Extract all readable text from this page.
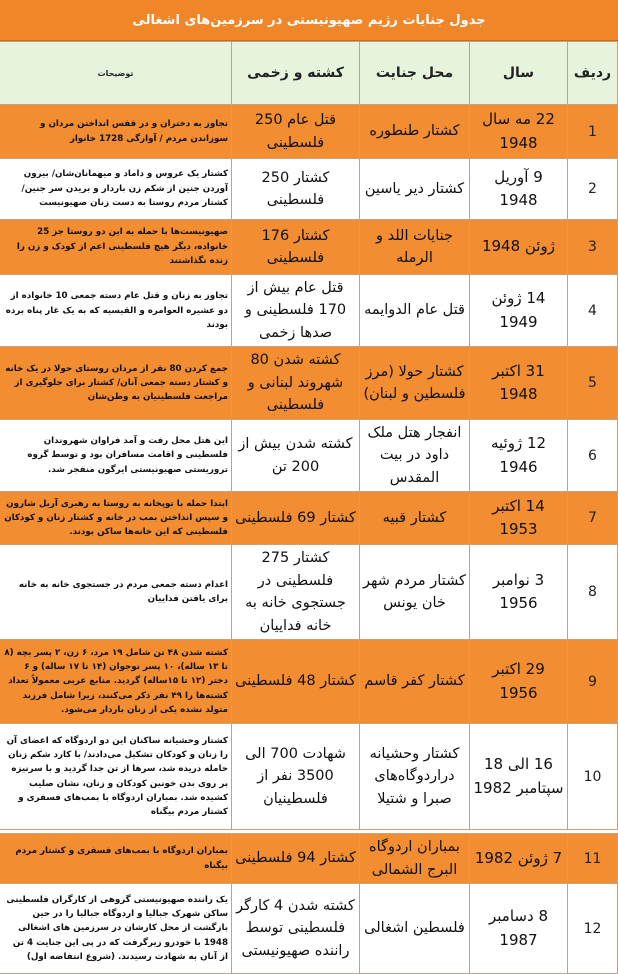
جدول جنایات رژیم صهیونیستی در سرزمین‌های اشغالی
ردیف	سال	محل جنایت	کشته و زخمی	توضیحات
1	22 مه سال 1948	کشتار طنطوره	قتل عام 250 فلسطینی	تجاوز به دختران و در قفس انداختن مردان و سوزاندن مردم / آوارگی 1728 خانوار
2	9 آوریل 1948	کشتار دیر یاسین	کشتار 250 فلسطینی	کشتار یک عروس و داماد و میهمانان‌شان/ بیرون آوردن جنین از شکم زن باردار و بریدن سر جنین/ کشتار مردم روستا به دست زنان صهیونیست
3	ژوئن 1948	جنایات اللد و الرمله	کشتار 176 فلسطینی	صهیونیست‌ها با حمله به این دو روستا جز 25 خانواده، دیگر هیچ فلسطینی اعم از کودک و زن را زنده نگذاشتند
4	14 ژوئن 1949	قتل عام الدوایمه	قتل عام بیش از 170 فلسطینی و صدها زخمی	تجاوز به زنان و قتل عام دسته جمعی 10 خانواده از دو عشیره العوامره و القیسیه که به یک غار پناه برده بودند
5	31 اکتبر 1948	کشتار حولا (مرز فلسطین و لبنان)	کشته شدن 80 شهروند لبنانی و فلسطینی	جمع کردن 80 نفر از مردان روستای حولا در یک خانه و کشتار دسته جمعی آنان/ کشتار برای جلوگیری از مراجعت فلسطینیان به وطن‌شان
6	12 ژوئیه 1946	انفجار هتل ملک داود در بیت المقدس	کشته شدن بیش از 200 تن	این هتل محل رفت و آمد فراوان شهروندان فلسطینی و اقامت مسافران بود و توسط گروه تروریستی صهیونیستی ایرگون منفجر شد.
7	14 اکتبر 1953	کشتار قبیه	کشتار 69 فلسطینی	ابتدا حمله با توپخانه به روستا به رهبری آریل شارون و سپس انداختن بمب در خانه و کشتار زنان و کودکان فلسطینی که این خانه‌ها ساکن بودند.
8	3 نوامبر 1956	کشتار مردم شهر خان یونس	کشتار 275 فلسطینی در جستجوی خانه به خانه فداییان	اعدام دسته جمعی مردم در جستجوی خانه به خانه برای یافتن فداییان
9	29 اکتبر 1956	کشتار کفر قاسم	کشتار 48 فلسطینی	کشته شدن ۴۸ تن شامل ۱۹ مرد، ۶ زن، ۲ پسر بچه (۸ تا ۱۳ ساله)، ۱۰ پسر نوجوان (۱۴ تا ۱۷ ساله) و ۶ دختر (۱۲ تا ۱۵ساله) گردید. منابع عربی معمولاً تعداد کشته‌ها را ۴۹ نفر ذکر می‌کنند، زیرا شامل فرزند متولد نشده یکی از زنان باردار می‌شود.
10	16 الی 18 سپتامبر 1982	کشتار وحشیانه دراردوگاه‌های صبرا و شتیلا	شهادت 700 الی 3500 نفر از فلسطینیان	کشتار وحشیانه ساکنان این دو اردوگاه که اعضای آن را زنان و کودکان تشکیل می‌دادند/ با کارد شکم زنان حامله دریده شد، سرها از تن جدا گردید و با سرنیزه بر روی بدن خونین کودکان و زنان، نشان صلیب کشیده شد. بمباران اردوگاه با بمب‌های فسفری و کشتار مردم بیگناه

11	7 ژوئن 1982	بمباران اردوگاه البرج الشمالی	کشتار 94 فلسطینی	بمباران اردوگاه با بمب‌های فسفری و کشتار مردم بیگناه
12	8 دسامبر 1987	فلسطین اشغالی	کشته شدن 4 کارگر فلسطینی توسط راننده صهیونیستی	یک راننده صهیونیستی گروهی از کارگران فلسطینی ساکن شهرک جبالیا و اردوگاه جبالیا را در حین بازگشت از محل کارشان در سرزمین های اشغالی 1948 با خودرو زیرگرفت که در پی این جنایت 4 تن از آنان به شهادت رسیدند. (شروع انتفاضه اول)
